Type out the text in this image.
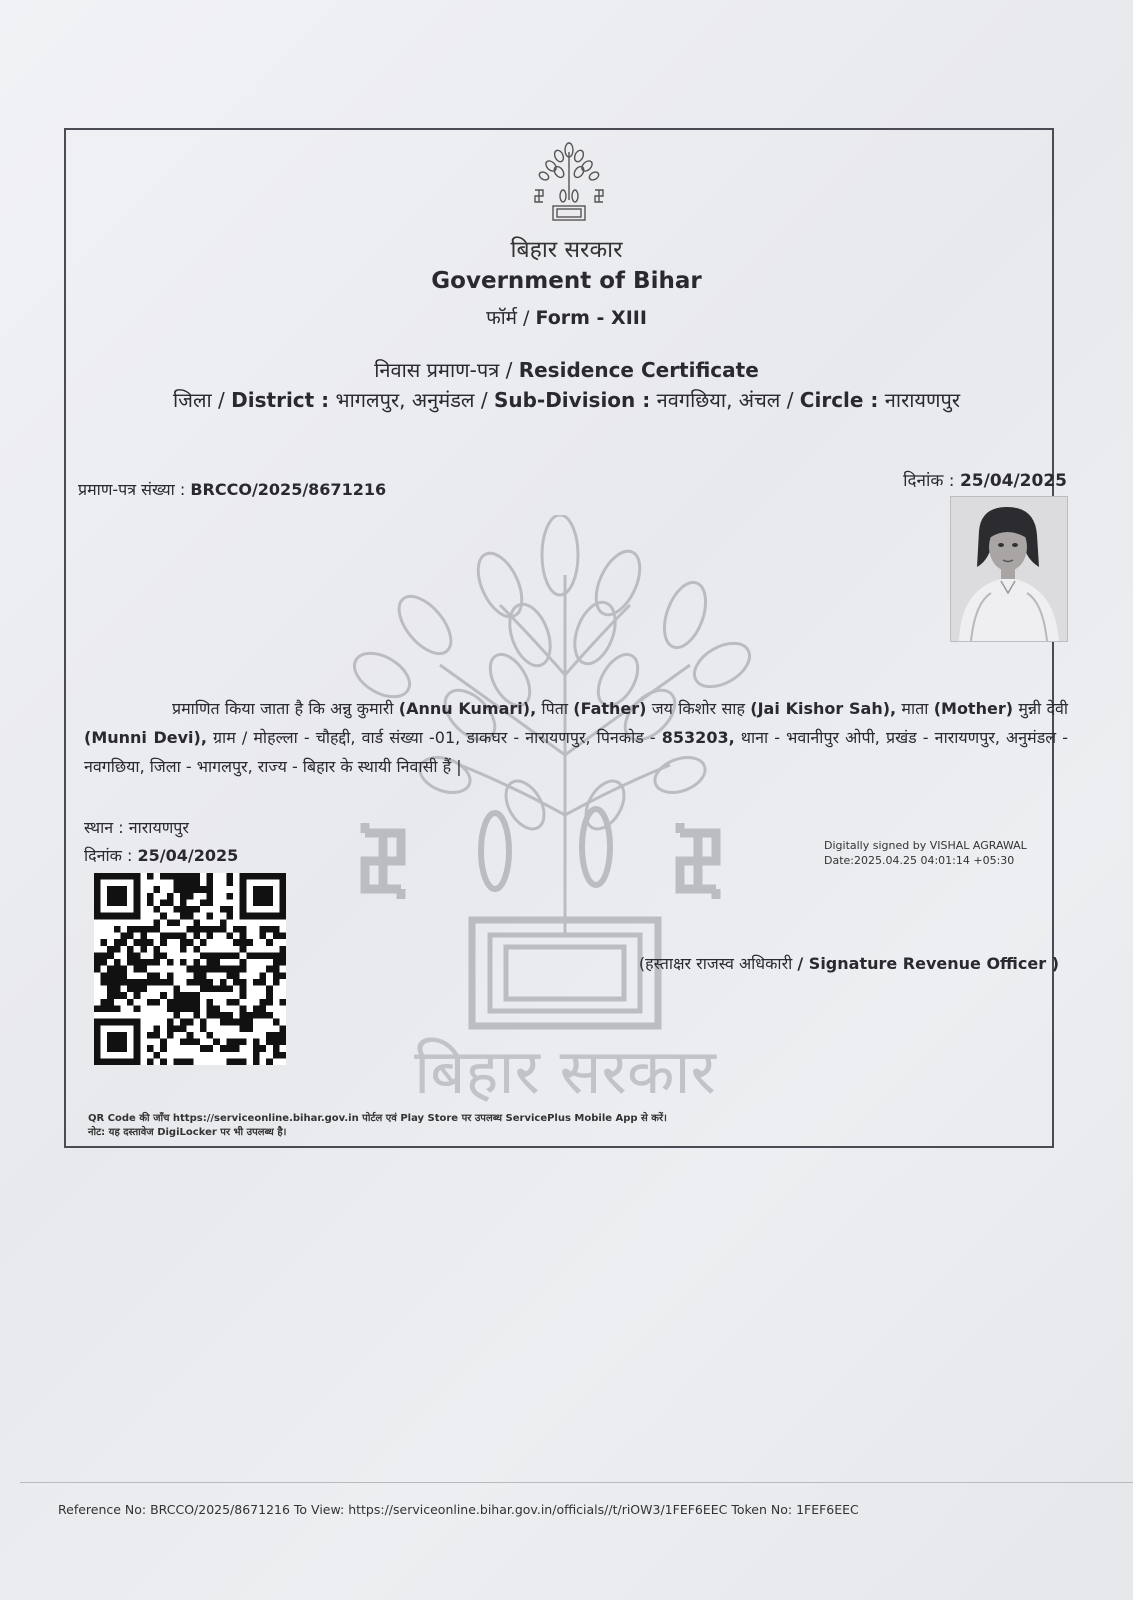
बिहार सरकार
Government of Bihar
फॉर्म / Form - XIII
निवास प्रमाण-पत्र / Residence Certificate
जिला / District : भागलपुर, अनुमंडल / Sub-Division : नवगछिया, अंचल / Circle : नारायणपुर
प्रमाण-पत्र संख्या : BRCCO/2025/8671216	दिनांक : 25/04/2025
बिहार सरकार
प्रमाणित किया जाता है कि अन्नु कुमारी (Annu Kumari), पिता (Father) जय किशोर साह (Jai Kishor Sah), माता (Mother) मुन्नी देवी (Munni Devi), ग्राम / मोहल्ला - चौहद्दी, वार्ड संख्या -01, डाकघर - नारायणपुर, पिनकोड - 853203, थाना - भवानीपुर ओपी, प्रखंड - नारायणपुर, अनुमंडल - नवगछिया, जिला - भागलपुर, राज्य - बिहार के स्थायी निवासी हैं |
स्थान : नारायणपुर
दिनांक : 25/04/2025
Digitally signed by VISHAL AGRAWAL
Date:2025.04.25 04:01:14 +05:30
(हस्ताक्षर राजस्व अधिकारी / Signature Revenue Officer )
QR Code की जाँच https://serviceonline.bihar.gov.in पोर्टल एवं Play Store पर उपलब्ध ServicePlus Mobile App से करें।
नोट: यह दस्तावेज DigiLocker पर भी उपलब्ध है।
Reference No: BRCCO/2025/8671216 To View: https://serviceonline.bihar.gov.in/officials//t/riOW3/1FEF6EEC Token No: 1FEF6EEC
